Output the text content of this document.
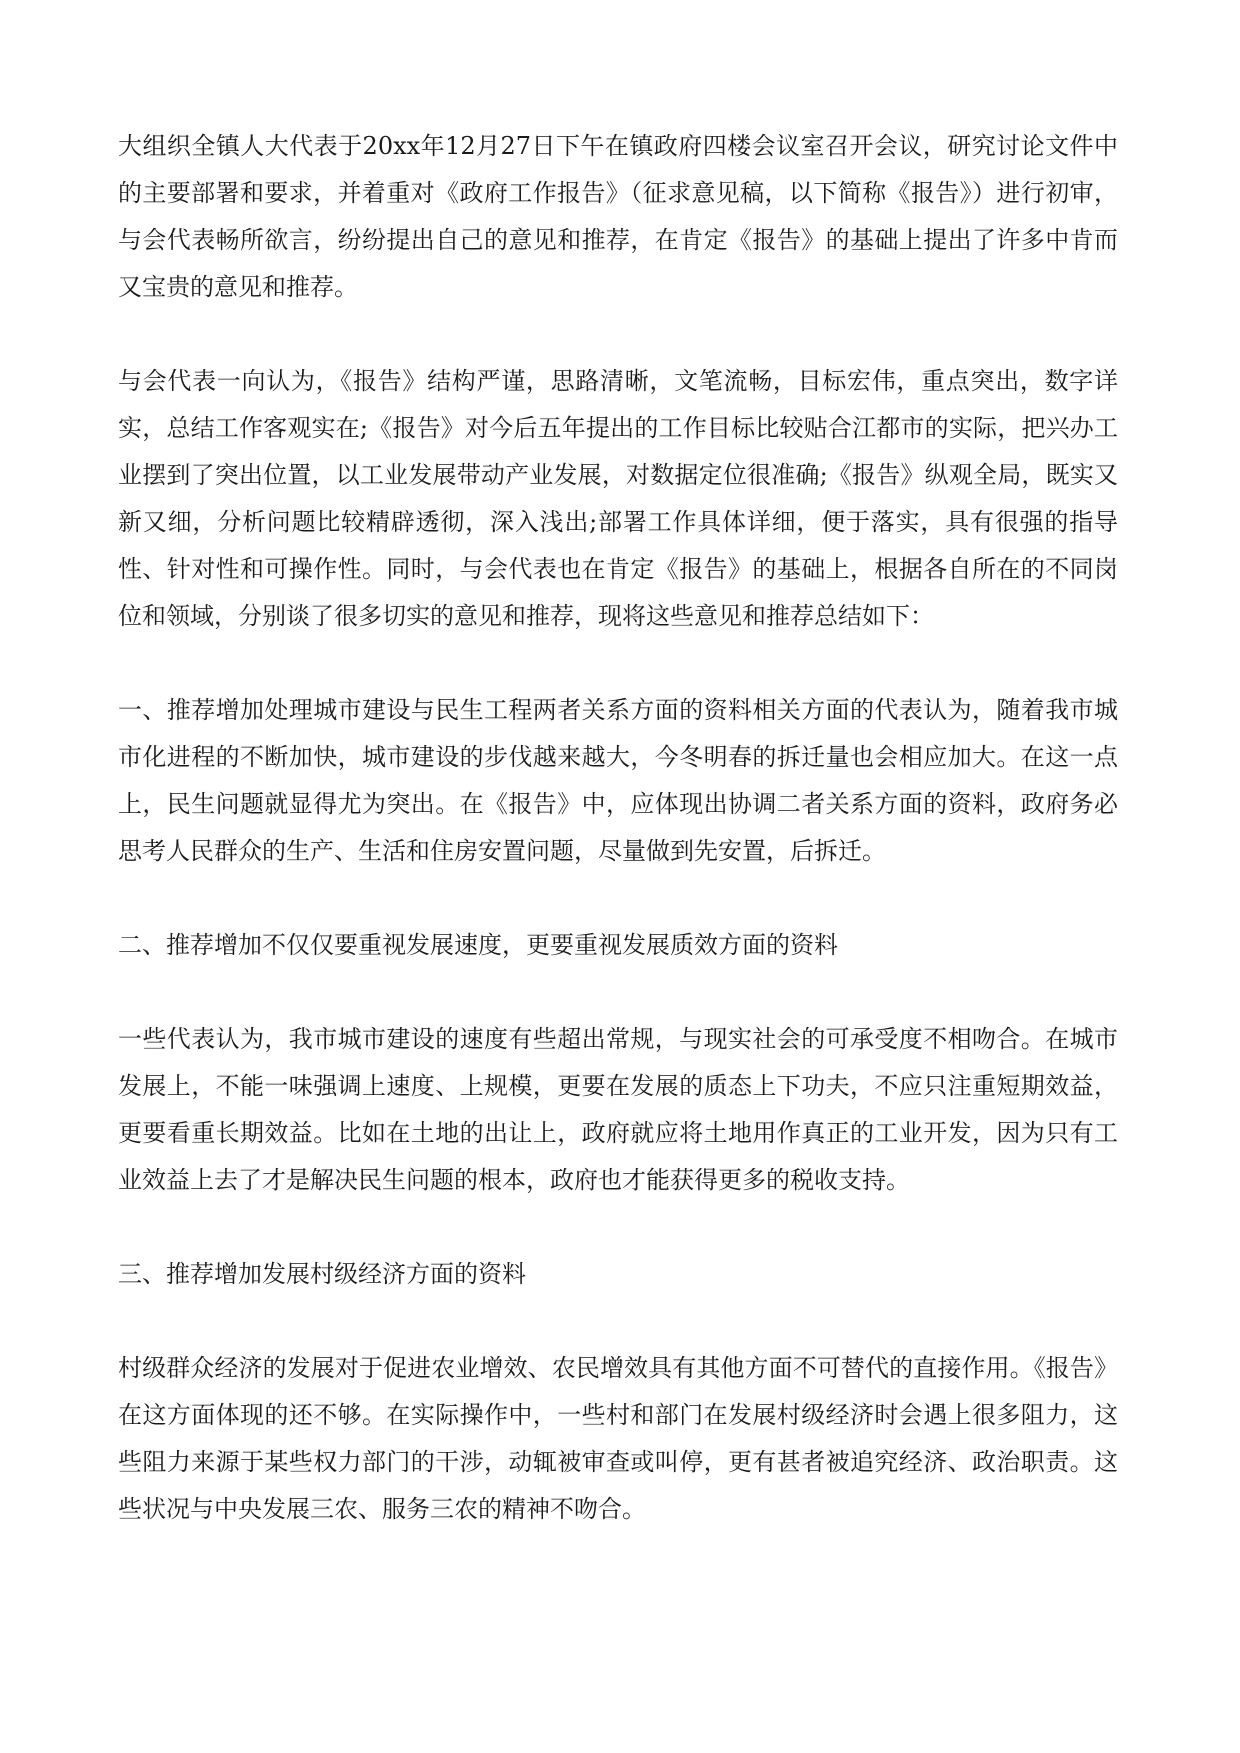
大组织全镇人大代表于20xx年12月27日下午在镇政府四楼会议室召开会议，研究讨论文件中的主要部署和要求，并着重对《政府工作报告》（征求意见稿，以下简称《报告》）进行初审，与会代表畅所欲言，纷纷提出自己的意见和推荐，在肯定《报告》的基础上提出了许多中肯而又宝贵的意见和推荐。

与会代表一向认为，《报告》结构严谨，思路清晰，文笔流畅，目标宏伟，重点突出，数字详实，总结工作客观实在;《报告》对今后五年提出的工作目标比较贴合江都市的实际，把兴办工业摆到了突出位置，以工业发展带动产业发展，对数据定位很准确;《报告》纵观全局，既实又新又细，分析问题比较精辟透彻，深入浅出;部署工作具体详细，便于落实，具有很强的指导性、针对性和可操作性。同时，与会代表也在肯定《报告》的基础上，根据各自所在的不同岗位和领域，分别谈了很多切实的意见和推荐，现将这些意见和推荐总结如下：

一、推荐增加处理城市建设与民生工程两者关系方面的资料相关方面的代表认为，随着我市城市化进程的不断加快，城市建设的步伐越来越大，今冬明春的拆迁量也会相应加大。在这一点上，民生问题就显得尤为突出。在《报告》中，应体现出协调二者关系方面的资料，政府务必思考人民群众的生产、生活和住房安置问题，尽量做到先安置，后拆迁。

二、推荐增加不仅仅要重视发展速度，更要重视发展质效方面的资料

一些代表认为，我市城市建设的速度有些超出常规，与现实社会的可承受度不相吻合。在城市发展上，不能一味强调上速度、上规模，更要在发展的质态上下功夫，不应只注重短期效益，更要看重长期效益。比如在土地的出让上，政府就应将土地用作真正的工业开发，因为只有工业效益上去了才是解决民生问题的根本，政府也才能获得更多的税收支持。

三、推荐增加发展村级经济方面的资料

村级群众经济的发展对于促进农业增效、农民增效具有其他方面不可替代的直接作用。《报告》在这方面体现的还不够。在实际操作中，一些村和部门在发展村级经济时会遇上很多阻力，这些阻力来源于某些权力部门的干涉，动辄被审查或叫停，更有甚者被追究经济、政治职责。这些状况与中央发展三农、服务三农的精神不吻合。
